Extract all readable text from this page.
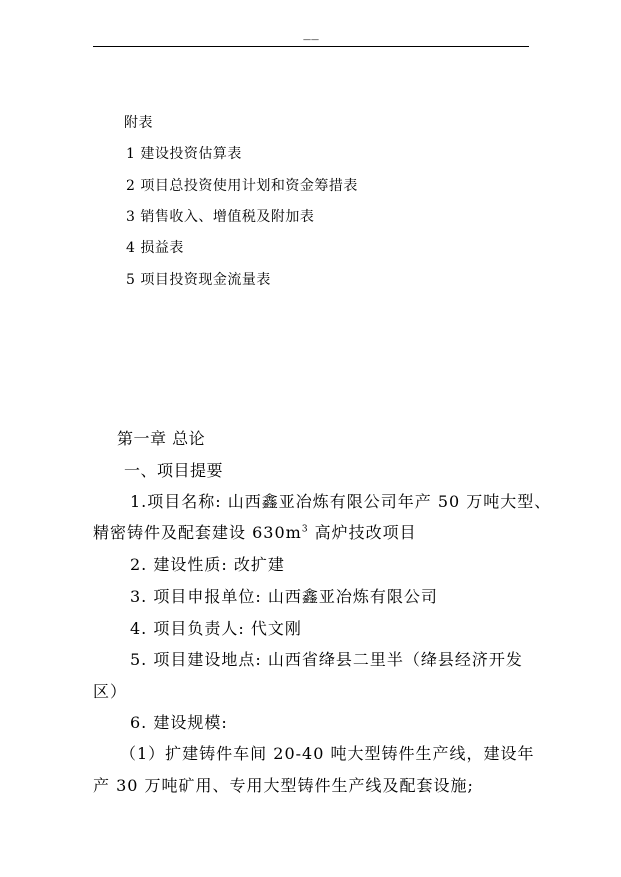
——
附表
1 建设投资估算表
2 项目总投资使用计划和资金筹措表
3 销售收入、增值税及附加表
4 损益表
5 项目投资现金流量表
第一章 总论
一、项目提要
1.项目名称: 山西鑫亚冶炼有限公司年产 50 万吨大型、
精密铸件及配套建设 $630m^3$ 高炉技改项目
2. 建设性质: 改扩建
3. 项目申报单位: 山西鑫亚冶炼有限公司
4. 项目负责人: 代文刚
5. 项目建设地点: 山西省绛县二里半（绛县经济开发
区）
6. 建设规模:
（1）扩建铸件车间 20-40 吨大型铸件生产线，建设年
产 30 万吨矿用、专用大型铸件生产线及配套设施;
